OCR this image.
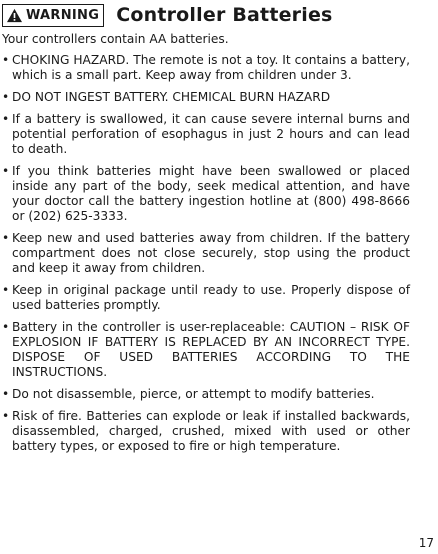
WARNING Controller Batteries

Your controllers contain AA batteries.

• CHOKING HAZARD. The remote is not a toy. It contains a battery, which is a small part. Keep away from children under 3.
• DO NOT INGEST BATTERY. CHEMICAL BURN HAZARD
• If a battery is swallowed, it can cause severe internal burns and potential perforation of esophagus in just 2 hours and can lead to death.
• If you think batteries might have been swallowed or placed inside any part of the body, seek medical attention, and have your doctor call the battery ingestion hotline at (800) 498-8666 or (202) 625-3333.
• Keep new and used batteries away from children. If the battery compartment does not close securely, stop using the product and keep it away from children.
• Keep in original package until ready to use. Properly dispose of used batteries promptly.
• Battery in the controller is user-replaceable: CAUTION – RISK OF EXPLOSION IF BATTERY IS REPLACED BY AN INCORRECT TYPE. DISPOSE OF USED BATTERIES ACCORDING TO THE INSTRUCTIONS.
• Do not disassemble, pierce, or attempt to modify batteries.
• Risk of fire. Batteries can explode or leak if installed backwards, disassembled, charged, crushed, mixed with used or other battery types, or exposed to fire or high temperature.
17
